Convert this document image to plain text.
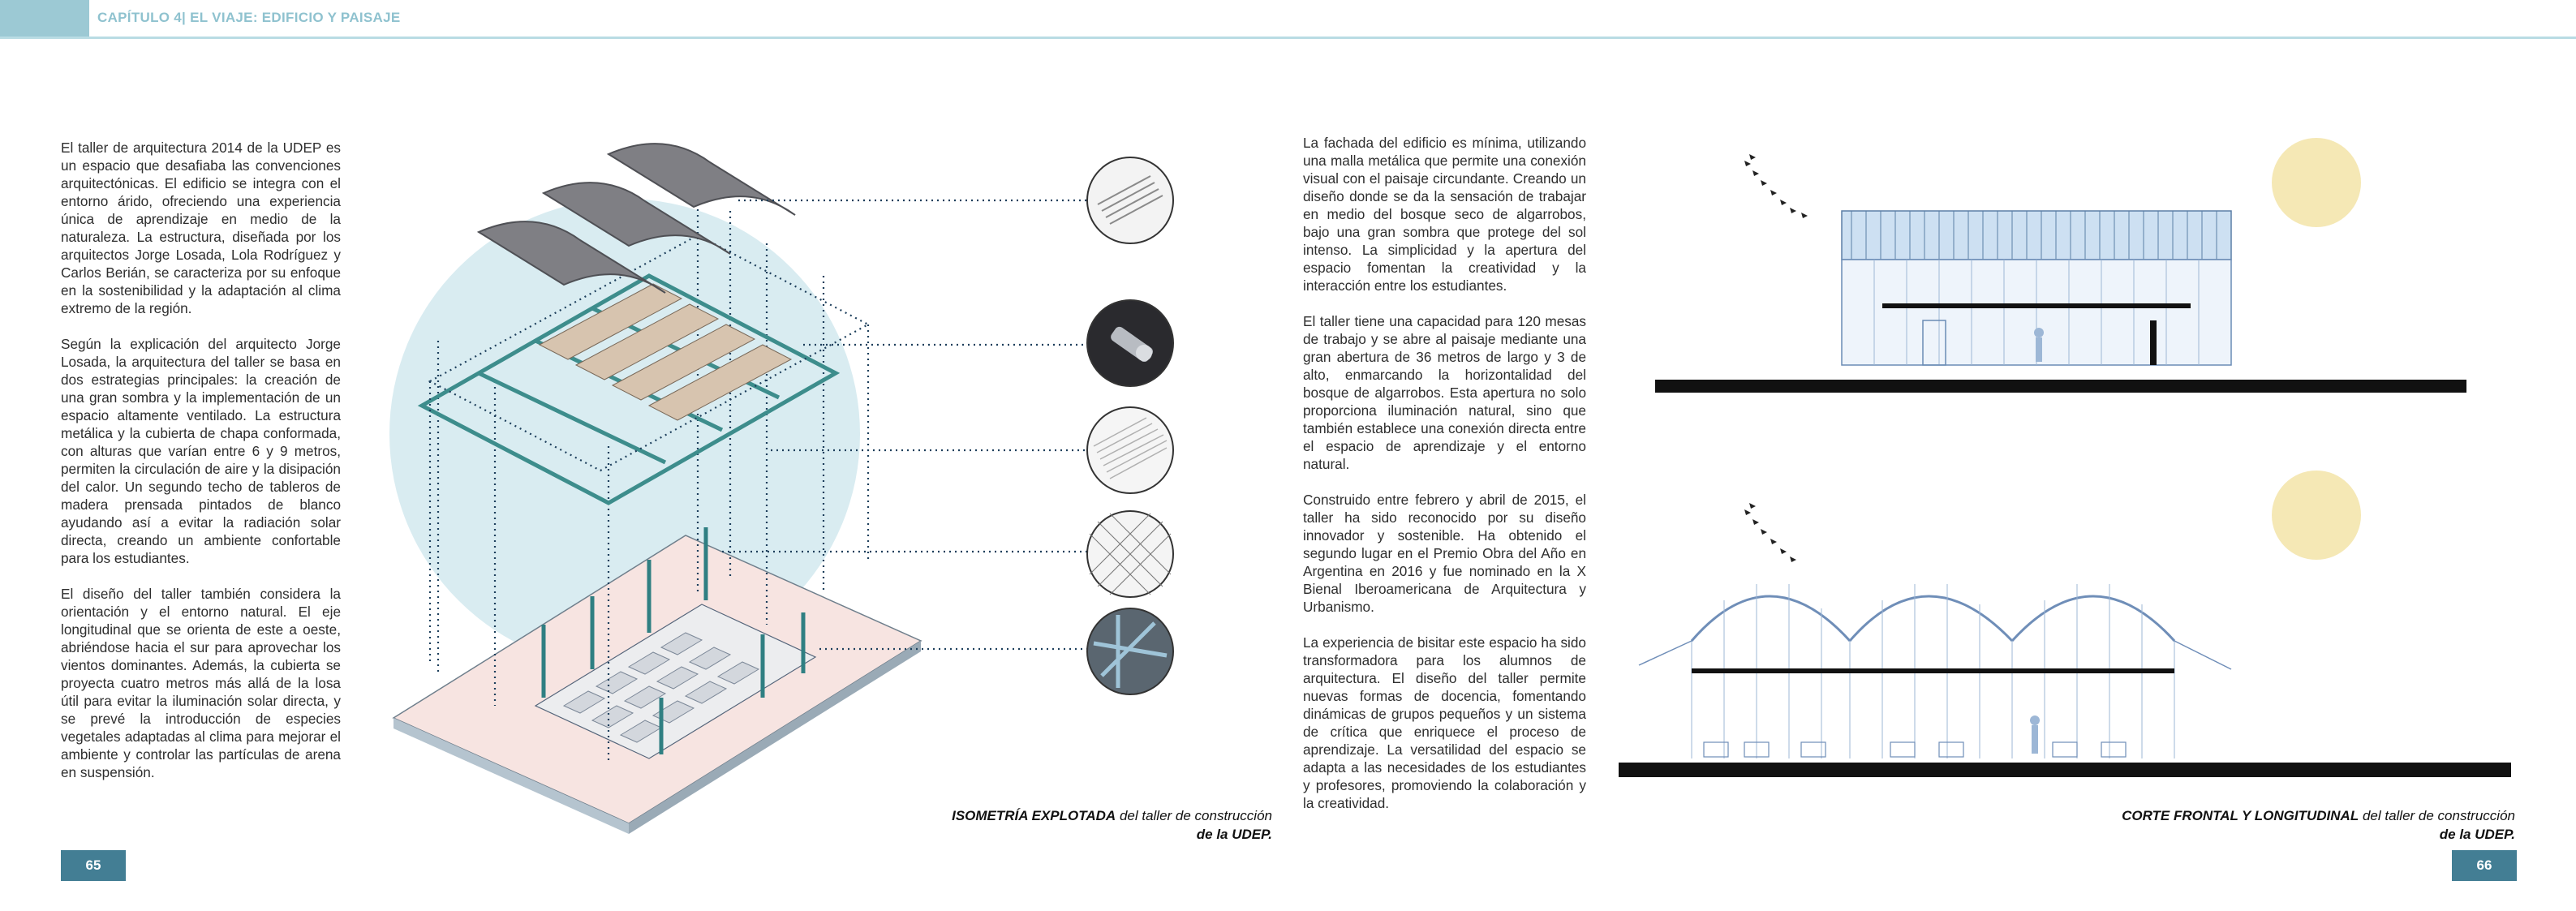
CAPÍTULO 4| EL VIAJE: EDIFICIO Y PAISAJE

El taller de arquitectura 2014 de la UDEP es un espacio que desafiaba las convenciones arquitectónicas. El edificio se integra con el entorno árido, ofreciendo una experiencia única de aprendizaje en medio de la naturaleza. La estructura, diseñada por los arquitectos Jorge Losada, Lola Rodríguez y Carlos Berián, se caracteriza por su enfoque en la sostenibilidad y la adaptación al clima extremo de la región.

Según la explicación del arquitecto Jorge Losada, la arquitectura del taller se basa en dos estrategias principales: la creación de una gran sombra y la implementación de un espacio altamente ventilado. La estructura metálica y la cubierta de chapa conformada, con alturas que varían entre 6 y 9 metros, permiten la circulación de aire y la disipación del calor. Un segundo techo de tableros de madera prensada pintados de blanco ayudando así a evitar la radiación solar directa, creando un ambiente confortable para los estudiantes.

El diseño del taller también considera la orientación y el entorno natural. El eje longitudinal que se orienta de este a oeste, abriéndose hacia el sur para aprovechar los vientos dominantes. Además, la cubierta se proyecta cuatro metros más allá de la losa útil para evitar la iluminación solar directa, y se prevé la introducción de especies vegetales adaptadas al clima para mejorar el ambiente y controlar las partículas de arena en suspensión.

La fachada del edificio es mínima, utilizando una malla metálica que permite una conexión visual con el paisaje circundante. Creando un diseño donde se da la sensación de trabajar en medio del bosque seco de algarrobos, bajo una gran sombra que protege del sol intenso. La simplicidad y la apertura del espacio fomentan la creatividad y la interacción entre los estudiantes.

El taller tiene una capacidad para 120 mesas de trabajo y se abre al paisaje mediante una gran abertura de 36 metros de largo y 3 de alto, enmarcando la horizontalidad del bosque de algarrobos. Esta apertura no solo proporciona iluminación natural, sino que también establece una conexión directa entre el espacio de aprendizaje y el entorno natural.

Construido entre febrero y abril de 2015, el taller ha sido reconocido por su diseño innovador y sostenible. Ha obtenido el segundo lugar en el Premio Obra del Año en Argentina en 2016 y fue nominado en la X Bienal Iberoamericana de Arquitectura y Urbanismo.

La experiencia de bisitar este espacio ha sido transformadora para los alumnos de arquitectura. El diseño del taller permite nuevas formas de docencia, fomentando dinámicas de grupos pequeños y un sistema de crítica que enriquece el proceso de aprendizaje. La versatilidad del espacio se adapta a las necesidades de los estudiantes y profesores, promoviendo la colaboración y la creatividad.

ISOMETRÍA EXPLOTADA del taller de construcción
de la UDEP.
CORTE FRONTAL Y LONGITUDINAL del taller de construcción
de la UDEP.
65	66
